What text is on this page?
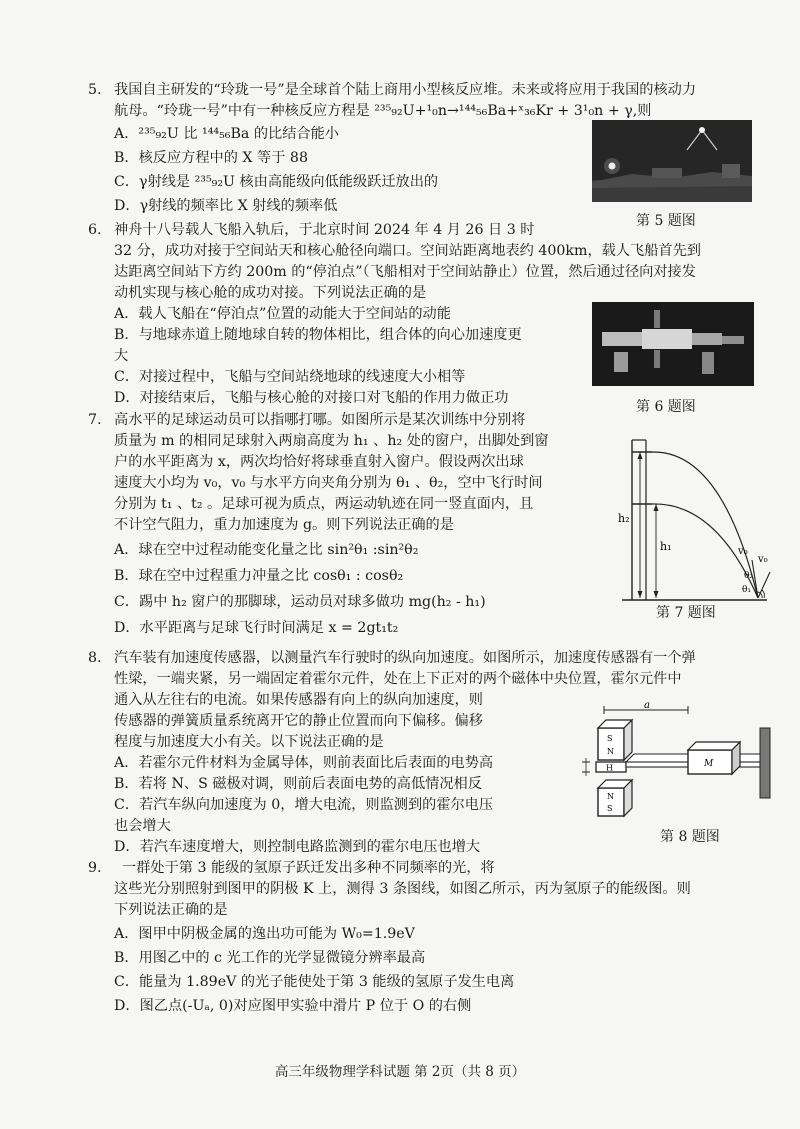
5. 我国自主研发的“玲珑一号”是全球首个陆上商用小型核反应堆。未来或将应用于我国的核动力
航母。“玲珑一号”中有一种核反应方程是 ²³⁵₉₂U+¹₀n→¹⁴⁴₅₆Ba+ˣ₃₆Kr + 3¹₀n + γ,则
A．²³⁵₉₂U 比 ¹⁴⁴₅₆Ba 的比结合能小
B．核反应方程中的 X 等于 88
C．γ射线是 ²³⁵₉₂U 核由高能级向低能级跃迁放出的
D．γ射线的频率比 X 射线的频率低
第 5 题图
6. 神舟十八号载人飞船入轨后，于北京时间 2024 年 4 月 26 日 3 时
32 分，成功对接于空间站天和核心舱径向端口。空间站距离地表约 400km，载人飞船首先到
达距离空间站下方约 200m 的“停泊点”（飞船相对于空间站静止）位置，然后通过径向对接发
动机实现与核心舱的成功对接。下列说法正确的是
A．载人飞船在“停泊点”位置的动能大于空间站的动能
B．与地球赤道上随地球自转的物体相比，组合体的向心加速度更
大
C．对接过程中，飞船与空间站绕地球的线速度大小相等
D．对接结束后，飞船与核心舱的对接口对飞船的作用力做正功
第 6 题图
7. 高水平的足球运动员可以指哪打哪。如图所示是某次训练中分别将
质量为 m 的相同足球射入两扇高度为 h₁ 、h₂ 处的窗户，出脚处到窗
户的水平距离为 x，两次均恰好将球垂直射入窗户。假设两次出球
速度大小均为 v₀，v₀ 与水平方向夹角分别为 θ₁ 、θ₂，空中飞行时间
分别为 t₁ 、t₂ 。足球可视为质点，两运动轨迹在同一竖直面内，且
不计空气阻力，重力加速度为 g。则下列说法正确的是
A．球在空中过程动能变化量之比 sin²θ₁ :sin²θ₂
B．球在空中过程重力冲量之比 cosθ₁ : cosθ₂
C．踢中 h₂ 窗户的那脚球，运动员对球多做功 mg(h₂ - h₁)
D．水平距离与足球飞行时间满足 x = 2gt₁t₂
h₂
h₁	v₀
v₀
θ₂
θ₁
第 7 题图
8. 汽车装有加速度传感器，以测量汽车行驶时的纵向加速度。如图所示，加速度传感器有一个弹
性梁，一端夹紧，另一端固定着霍尔元件，处在上下正对的两个磁体中央位置，霍尔元件中
通入从左往右的电流。如果传感器有向上的纵向加速度，则
传感器的弹簧质量系统离开它的静止位置而向下偏移。偏移
程度与加速度大小有关。以下说法正确的是
A．若霍尔元件材料为金属导体，则前表面比后表面的电势高
B．若将 N、S 磁极对调，则前后表面电势的高低情况相反
C．若汽车纵向加速度为 0，增大电流，则监测到的霍尔电压
也会增大
D．若汽车速度增大，则控制电路监测到的霍尔电压也增大
a
S
N
H
N
S
M
第 8 题图
9. 一群处于第 3 能级的氢原子跃迁发出多种不同频率的光，将
这些光分别照射到图甲的阴极 K 上，测得 3 条图线，如图乙所示，丙为氢原子的能级图。则
下列说法正确的是
A．图甲中阴极金属的逸出功可能为 W₀=1.9eV
B．用图乙中的 c 光工作的光学显微镜分辨率最高
C．能量为 1.89eV 的光子能使处于第 3 能级的氢原子发生电离
D．图乙点(-Uₐ, 0)对应图甲实验中滑片 P 位于 O 的右侧
高三年级物理学科试题 第 2页（共 8 页）
